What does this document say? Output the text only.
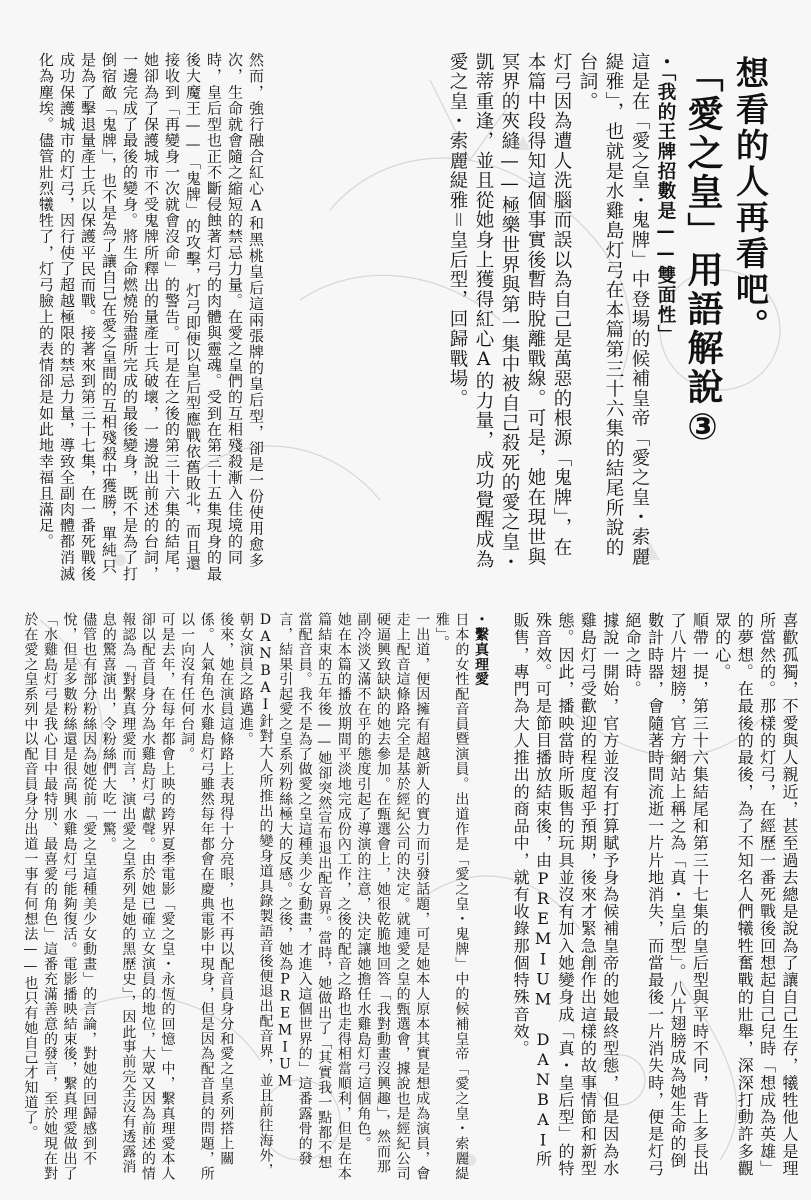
想看的人再看吧。
「愛之皇」用語解說③

・「我的王牌招數是——雙面性」

這是在「愛之皇・鬼牌」中登場的候補皇帝「愛之皇・索麗緹雅」，也就是水雞島灯弓在本篇第三十六集的結尾所說的台詞。

灯弓因為遭人洗腦而誤以為自己是萬惡的根源「鬼牌」，在本篇中段得知這個事實後暫時脫離戰線。可是，她在現世與冥界的夾縫——極樂世界與第一集中被自己殺死的愛之皇・凱蒂重逢，並且從她身上獲得紅心A的力量，成功覺醒成為愛之皇・索麗緹雅＝皇后型，回歸戰場。

然而，強行融合紅心A和黑桃皇后這兩張牌的皇后型，卻是一份使用愈多次，生命就會隨之縮短的禁忌力量。在愛之皇們的互相殘殺漸入佳境的同時，皇后型也正不斷侵蝕著灯弓的肉體與靈魂。受到在第三十五集現身的最後大魔王——「鬼牌」的攻擊，灯弓即便以皇后型應戰依舊敗北，而且還接收到「再變身一次就會沒命」的警告。可是在之後的第三十六集的結尾，她卻為了保護城市不受鬼牌所釋出的量產士兵破壞，一邊說出前述的台詞，一邊完成了最後的變身。將生命燃燒殆盡所完成的最後變身，既不是為了打倒宿敵「鬼牌」，也不是為了讓自己在愛之皇間的互相殘殺中獲勝，單純只是為了擊退量產士兵以保護平民而戰。接著來到第三十七集，在一番死戰後成功保護城市的灯弓，因行使了超越極限的禁忌力量，導致全副肉體都消滅化為塵埃。儘管壯烈犧牲了，灯弓臉上的表情卻是如此地幸福且滿足。

喜歡孤獨，不愛與人親近，甚至過去總是說為了讓自己生存，犧牲他人是理所當然的。那樣的灯弓，在經歷一番死戰後回想起自己兒時「想成為英雄」的夢想。在最後的最後，為了不知名人們犧牲奮戰的壯舉，深深打動許多觀眾的心。

順帶一提，第三十六集結尾和第三十七集的皇后型與平時不同，背上多長出了八片翅膀，官方網站上稱之為「真・皇后型」。八片翅膀成為她生命的倒數計時器，會隨著時間流逝一片片地消失，而當最後一片消失時，便是灯弓絕命之時。

據說一開始，官方並沒有打算賦予身為候補皇帝的她最終型態，但是因為水雞島灯弓受歡迎的程度超乎預期，後來才緊急創作出這樣的故事情節和新型態。因此，播映當時所販售的玩具並沒有加入她變身成「真・皇后型」的特殊音效。可是節目播放結束後，由PREMIUM DANBAI所販售，專門為大人推出的商品中，就有收錄那個特殊音效。

・繫真理愛

日本的女性配音員暨演員。出道作是「愛之皇・鬼牌」中的候補皇帝「愛之皇・索麗緹雅」。

一出道，便因擁有超越新人的實力而引發話題，可是她本人原本其實是想成為演員，會走上配音這條路完全是基於經紀公司的決定。就連愛之皇的甄選會，據說也是經紀公司硬逼興致缺缺的她去參加。在甄選會上，她很乾脆地回答「我對動畫沒興趣」，然而那副冷淡又滿不在乎的態度引起了導演的注意，決定讓她擔任水雞島灯弓這個角色。

她在本篇的播放期間平淡地完成份內工作，之後的配音之路也走得相當順利，但是在本篇結束的五年後——她卻突然宣布退出配音界。當時，她做出了「其實我一點都不想當配音員。我不是為了做愛之皇這種美少女動畫，才進入這個世界的」這番露骨的發言，結果引起愛之皇系列粉絲極大的反感。之後，她為PREMIUM DANBAI針對大人所推出的變身道具錄製語音後便退出配音界，並且前往海外，朝女演員之路邁進。

後來，她在演員這條路上表現得十分亮眼，也不再以配音員身分和愛之皇系列搭上關係。人氣角色水雞島灯弓雖然每年都會在慶典電影中現身，但是因為配音員的問題，所以一向沒有任何台詞。

可是去年，在每年都會上映的跨界夏季電影「愛之皇・永恆的回憶」中，繫真理愛本人卻以配音員身分為水雞島灯弓獻聲。由於她已確立女演員的地位，大眾又因為前述的情報認為「對繫真理愛而言，演出愛之皇系列是她的黑歷史」，因此事前完全沒有透露消息的驚喜演出，令粉絲們大吃一驚。

儘管也有部分粉絲因為她從前「愛之皇這種美少女動畫」的言論，對她的回歸感到不悅，但是多數粉絲還是很高興水雞島灯弓能夠復活。電影播映結束後，繫真理愛做出了「水雞島灯弓是我心目中最特別、最喜愛的角色」這番充滿善意的發言，至於她現在對於在愛之皇系列中以配音員身分出道一事有何想法——也只有她自己才知道了。
